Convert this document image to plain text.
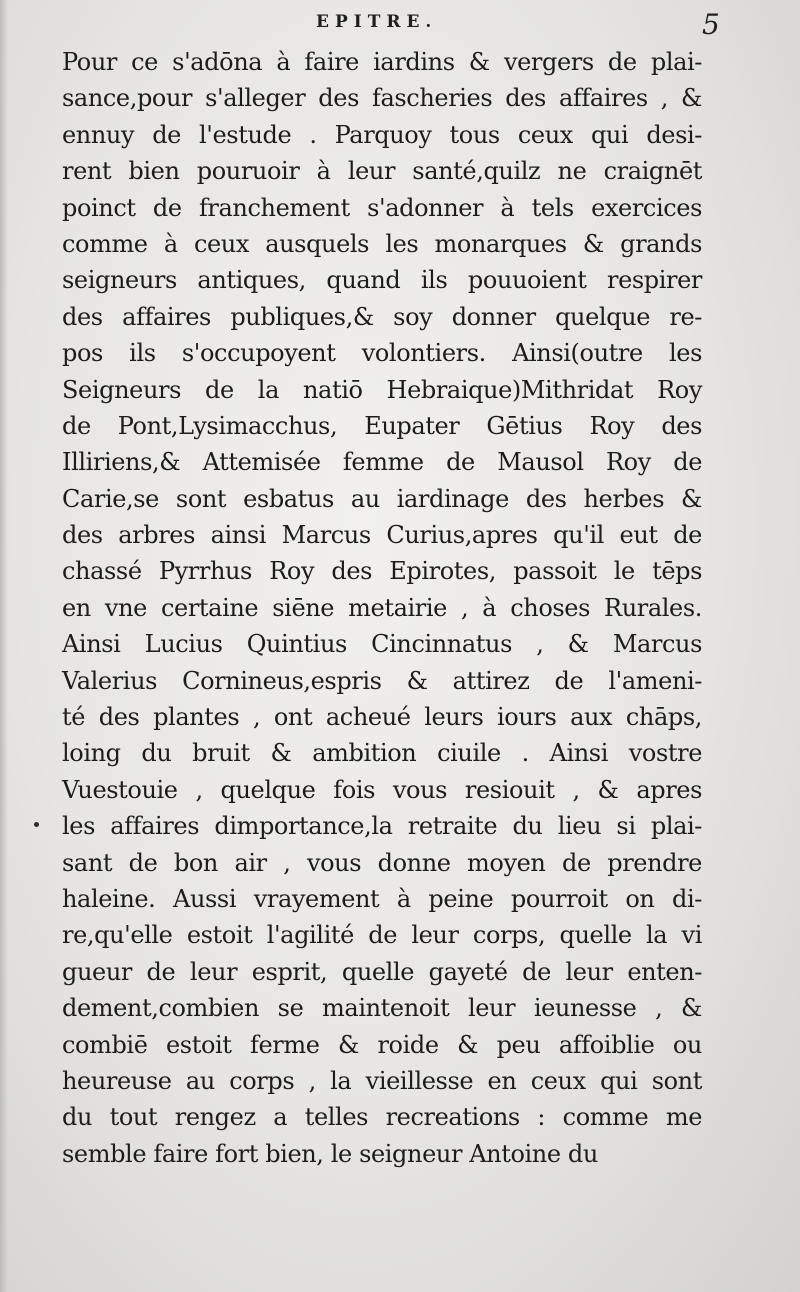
EPITRE.	5
Pour ce s'adōna à faire iardins & vergers de plai-
sance,pour s'alleger des fascheries des affaires , &
ennuy de l'estude . Parquoy tous ceux qui desi-
rent bien pouruoir à leur santé,quilz ne craignēt
poinct de franchement s'adonner à tels exercices
comme à ceux ausquels les monarques & grands
seigneurs antiques, quand ils pouuoient respirer
des affaires publiques,& soy donner quelque re-
pos ils s'occupoyent volontiers. Ainsi(outre les
Seigneurs de la natiō Hebraique)Mithridat Roy
de Pont,Lysimacchus, Eupater Gētius Roy des
Illiriens,& Attemisée femme de Mausol Roy de
Carie,se sont esbatus au iardinage des herbes &
des arbres ainsi Marcus Curius,apres qu'il eut de
chassé Pyrrhus Roy des Epirotes, passoit le tēps
en vne certaine siēne metairie , à choses Rurales.
Ainsi Lucius Quintius Cincinnatus , & Marcus
Valerius Cornineus,espris & attirez de l'ameni-
té des plantes , ont acheué leurs iours aux chāps,
loing du bruit & ambition ciuile . Ainsi vostre
Vuestouie , quelque fois vous resiouit , & apres
les affaires dimportance,la retraite du lieu si plai-
sant de bon air , vous donne moyen de prendre
haleine. Aussi vrayement à peine pourroit on di-
re,qu'elle estoit l'agilité de leur corps, quelle la vi
gueur de leur esprit, quelle gayeté de leur enten-
dement,combien se maintenoit leur ieunesse , &
combiē estoit ferme & roide & peu affoiblie ou
heureuse au corps , la vieillesse en ceux qui sont
du tout rengez a telles recreations : comme me
semble faire fort bien, le seigneur Antoine du
